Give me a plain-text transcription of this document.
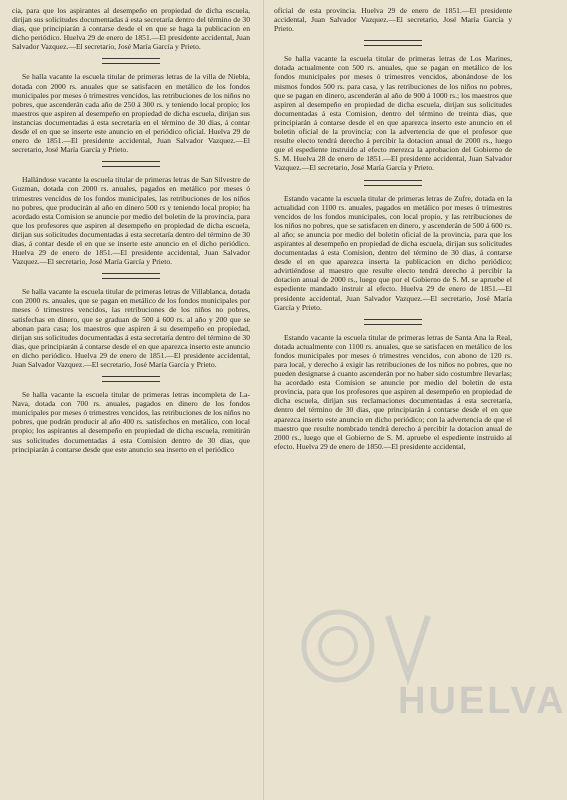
cia, para que los aspirantes al desempeño en propiedad de dicha escuela, dirijan sus solicitudes documentadas á esta secretaría dentro del término de 30 dias, que principiarán á contarse desde el en que se haga la publicacion en dicho periódico. Huelva 29 de enero de 1851.—El presidente accidental, Juan Salvador Vazquez.—El secretario, José María García y Prieto.

Se halla vacante la escuela titular de primeras letras de la villa de Niebla, dotada con 2000 rs. anuales que se satisfacen en metálico de los fondos municipales por meses ó trimestres vencidos, las retribuciones de los niños no pobres, que ascenderán cada año de 250 á 300 rs. y teniendo local propio; los maestros que aspiren al desempeño en propiedad de dicha escuela, dirijan sus instancias documentadas á esta secretaría en el término de 30 dias, á contar desde el en que se inserte este anuncio en el periódico oficial. Huelva 29 de enero de 1851.—El presidente accidental, Juan Salvador Vazquez.—El secretario, José María García y Prieto.

Hallándose vacante la escuela titular de primeras letras de San Silvestre de Guzman, dotada con 2000 rs. anuales, pagados en metálico por meses ó trimestres vencidos de los fondos municipales, las retribuciones de los niños no pobres, que producirán al año en dinero 500 rs y teniendo local propio; ha acordado esta Comision se anuncie por medio del boletin de la provincia, para que los profesores que aspiren al desempeño en propiedad de dicha escuela, dirijan sus solicitudes documentadas á esta secretaría dentro del término de 30 dias, á contar desde el en que se inserte este anuncio en el dicho periódico. Huelva 29 de enero de 1851.—El presidente accidental, Juan Salvador Vazquez.—El secretario, José María García y Prieto.

Se halla vacante la escuela titular de primeras letras de Villablanca, dotada con 2000 rs. anuales, que se pagan en metálico de los fondos municipales por meses ó trimestres vencidos, las retribuciones de los niños no pobres, satisfechas en dinero, que se graduan de 500 á 600 rs. al año y 200 que se abonan para casa; los maestros que aspiren á su desempeño en propiedad, dirijan sus solicitudes documentadas á esta secretaría dentro del término de 30 dias, que principiarán á contarse desde el en que aparezca inserto este anuncio en dicho periódico. Huelva 29 de enero de 1851.—El presidente accidental, Juan Salvador Vazquez.—El secretario, José María García y Prieto.

Se halla vacante la escuela titular de primeras letras incompleta de La-Nava, dotada con 700 rs. anuales, pagados en dinero de los fondos municipales por meses ó trimestres vencidos, las retribuciones de los niños no pobres, que podrán producir al año 400 rs. satisfechos en metálico, con local propio; los aspirantes al desempeño en propiedad de dicha escuela, remitirán sus solicitudes documentadas á esta Comision dentro de 30 dias, que principiarán á contarse desde que este anuncio sea inserto en el periódico

oficial de esta provincia. Huelva 29 de enero de 1851.—El presidente accidental, Juan Salvador Vazquez.—El secretario, José María García y Prieto.

Se halla vacante la escuela titular de primeras letras de Los Marines, dotada actualmente con 500 rs. anuales, que se pagan en metálico de los fondos municipales por meses ó trimestres vencidos, abonándose de los mismos fondos 500 rs. para casa, y las retribuciones de los niños no pobres, que se pagan en dinero, ascenderán al año de 900 á 1000 rs.; los maestros que aspiren al desempeño en propiedad de dicha escuela, dirijan sus solicitudes documentadas á esta Comision, dentro del término de treinta dias, que principiarán á contarse desde el en que aparezca inserto este anuncio en el boletin oficial de la provincia; con la advertencia de que el profesor que resulte electo tendrá derecho á percibir la dotacion anual de 2000 rs., luego que el espediente instruido al efecto merezca la aprobacion del Gobierno de S. M. Huelva 28 de enero de 1851.—El presidente accidental, Juan Salvador Vazquez.—El secretario, José María García y Prieto.

Estando vacante la escuela titular de primeras letras de Zufre, dotada en la actualidad con 1100 rs. anuales, pagados en metálico por meses ó trimestres vencidos de los fondos municipales, con local propio, y las retribuciones de los niños no pobres, que se satisfacen en dinero, y ascenderán de 500 á 600 rs. al año; se anuncia por medio del boletin oficial de la provincia, para que los aspirantes al desempeño en propiedad de dicha escuela, dirijan sus solicitudes documentadas á esta Comision, dentro del término de 30 dias, á contarse desde el en que aparezca inserta la publicacion en dicho periódico; advirtiéndose al maestro que resulte electo tendrá derecho á percibir la dotacion anual de 2000 rs., luego que por el Gobierno de S. M. se apruebe el espediente mandado instruir al efecto. Huelva 29 de enero de 1851.—El presidente accidental, Juan Salvador Vazquez.—El secretario, José María García y Prieto.

Estando vacante la escuela titular de primeras letras de Santa Ana la Real, dotada actualmente con 1100 rs. anuales, que se satisfacen en metálico de los fondos municipales por meses ó trimestres vencidos, con abono de 120 rs. para local, y derecho á exigir las retribuciones de los niños no pobres, que no pueden designarse á cuanto ascenderán por no haber sido costumbre llevarlas; ha acordado esta Comision se anuncie por medio del boletin de esta provincia, para que los profesores que aspiren al desempeño en propiedad de dicha escuela, dirijan sus reclamaciones documentadas á esta secretaría, dentro del término de 30 dias, que principiarán á contarse desde el en que aparezca inserto este anuncio en dicho periódico; con la advertencia de que el maestro que resulte nombrado tendrá derecho á percibir la dotacion anual de 2000 rs., luego que el Gobierno de S. M. apruebe el espediente instruido al efecto. Huelva 29 de enero de 1850.—El presidente accidental,

HUELVA
